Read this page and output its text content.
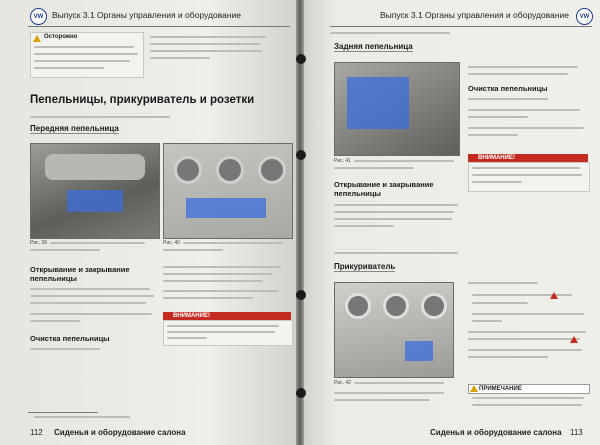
VW	Выпуск 3.1 Органы управления и оборудование
Осторожно
Пепельницы, прикуриватель и розетки
Передняя пепельница
Рис. 39	Рис. 40
Открывание и закрывание пепельницы
Очистка пепельницы
ВНИМАНИЕ!
112 Сиденья и оборудование салона
Выпуск 3.1 Органы управления и оборудование	VW
Задняя пепельница
Рис. 41
Открывание и закрывание пепельницы
Прикуриватель
Рис. 42
Очистка пепельницы
ВНИМАНИЕ!
ПРИМЕЧАНИЕ
Сиденья и оборудование салона 113
